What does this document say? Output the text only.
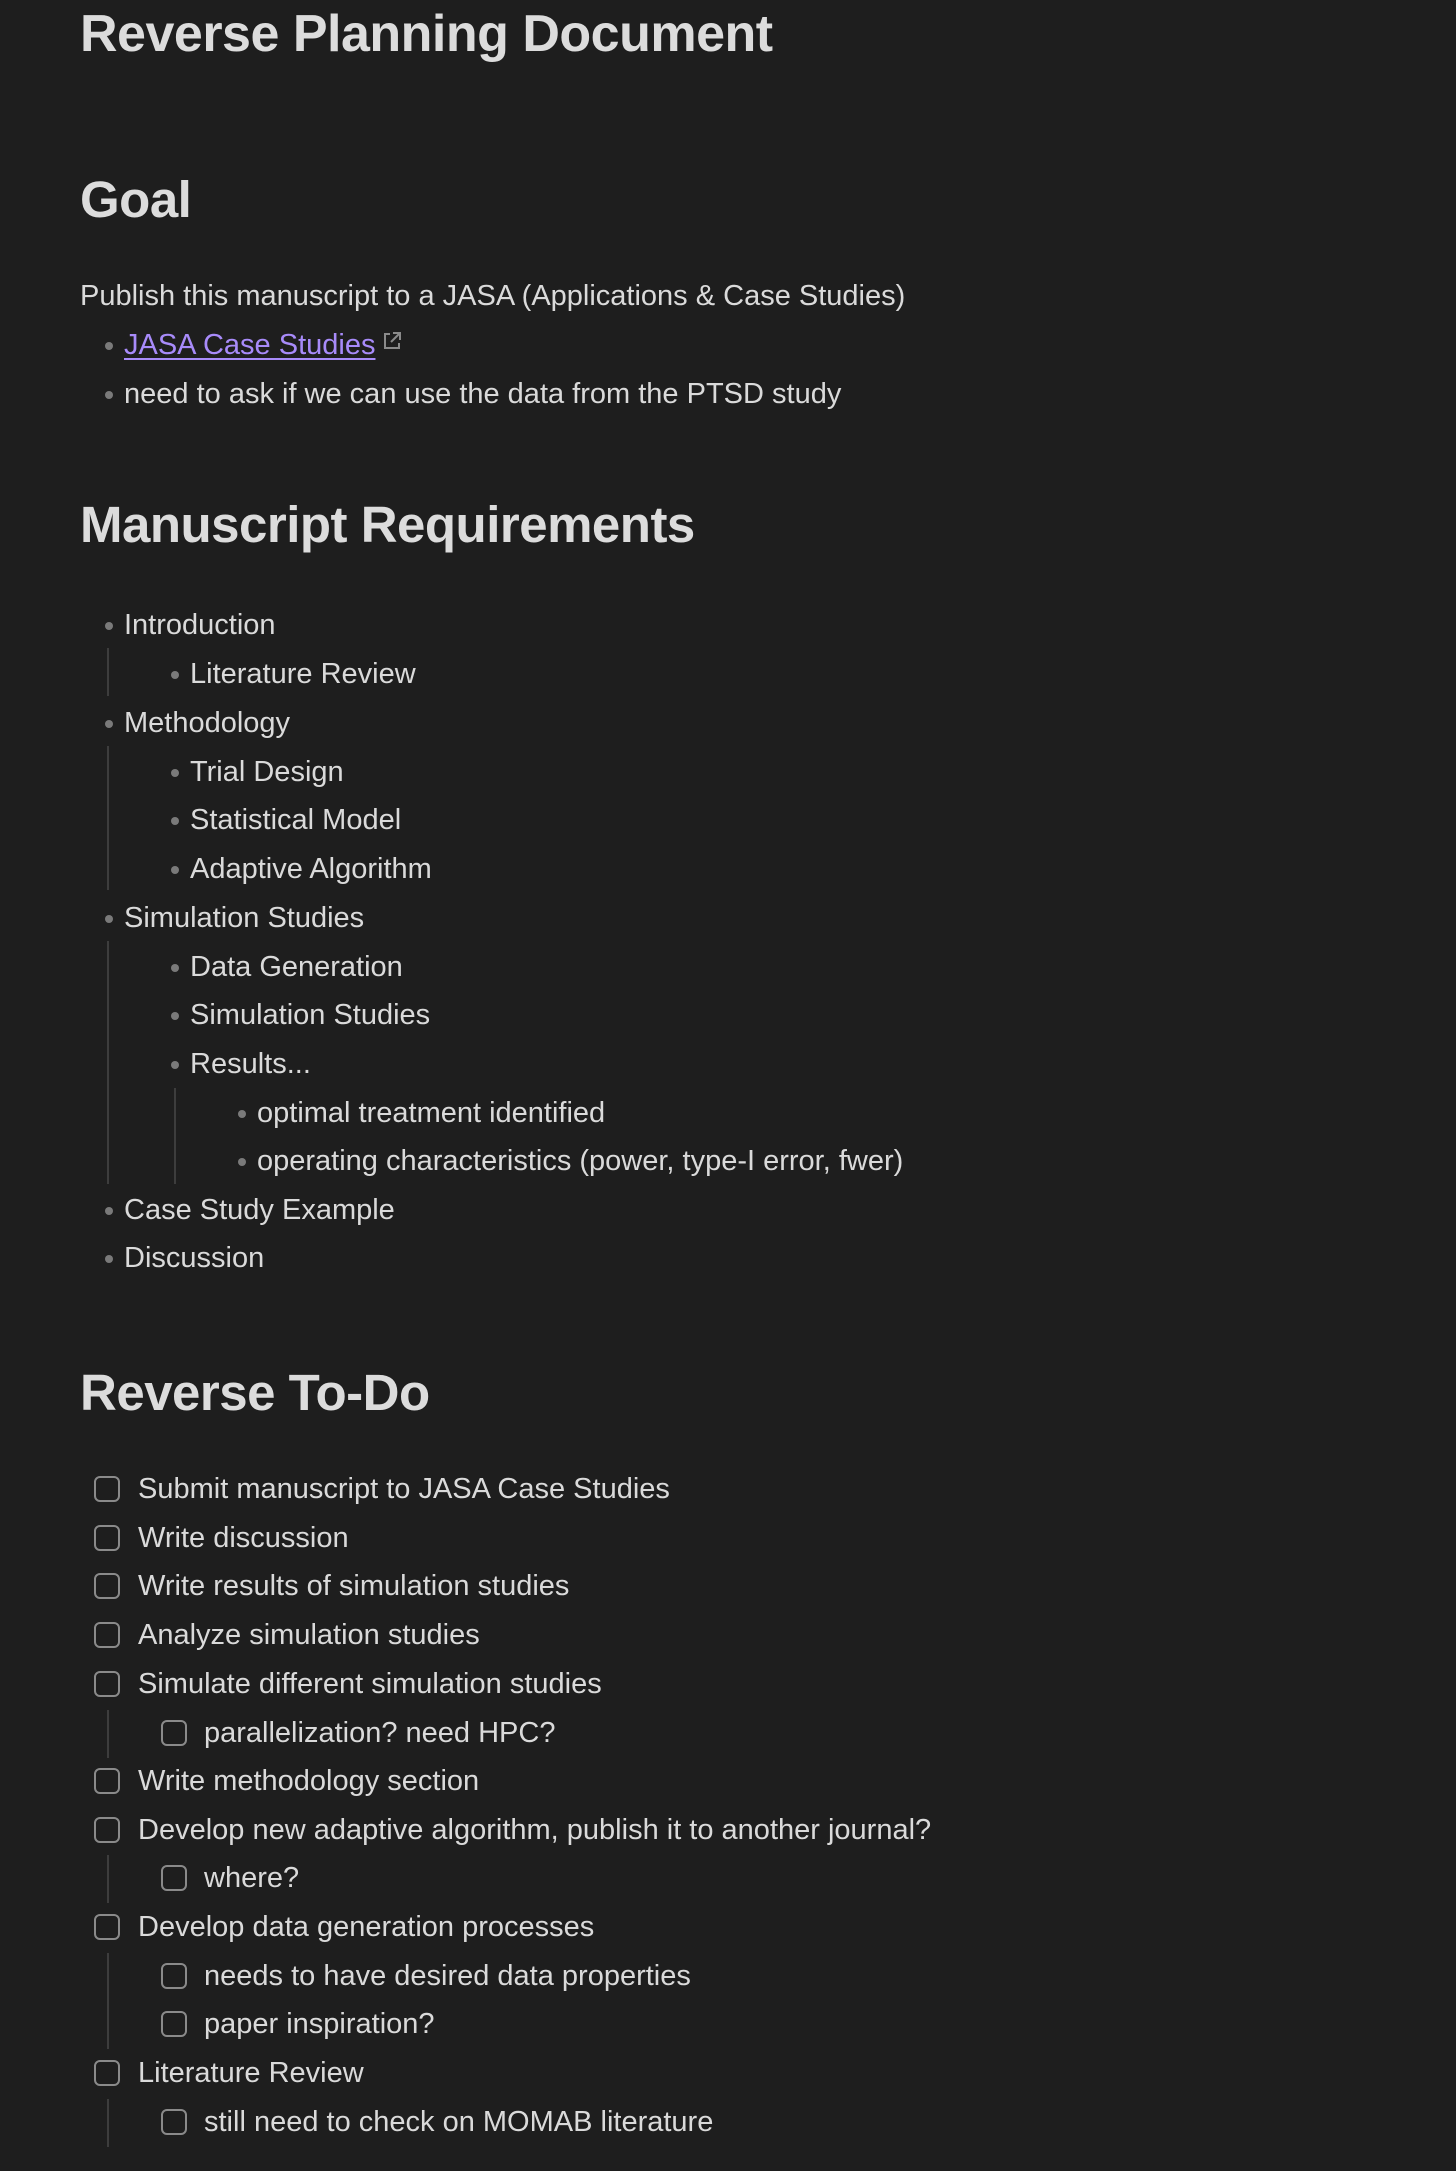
Reverse Planning Document
Goal

Publish this manuscript to a JASA (Applications & Case Studies)

JASA Case Studies
need to ask if we can use the data from the PTSD study
Manuscript Requirements
Introduction
Literature Review
Methodology
Trial Design
Statistical Model
Adaptive Algorithm
Simulation Studies
Data Generation
Simulation Studies
Results...
optimal treatment identified
operating characteristics (power, type-I error, fwer)
Case Study Example
Discussion
Reverse To-Do
Submit manuscript to JASA Case Studies
Write discussion
Write results of simulation studies
Analyze simulation studies
Simulate different simulation studies
parallelization? need HPC?
Write methodology section
Develop new adaptive algorithm, publish it to another journal?
where?
Develop data generation processes
needs to have desired data properties
paper inspiration?
Literature Review
still need to check on MOMAB literature
